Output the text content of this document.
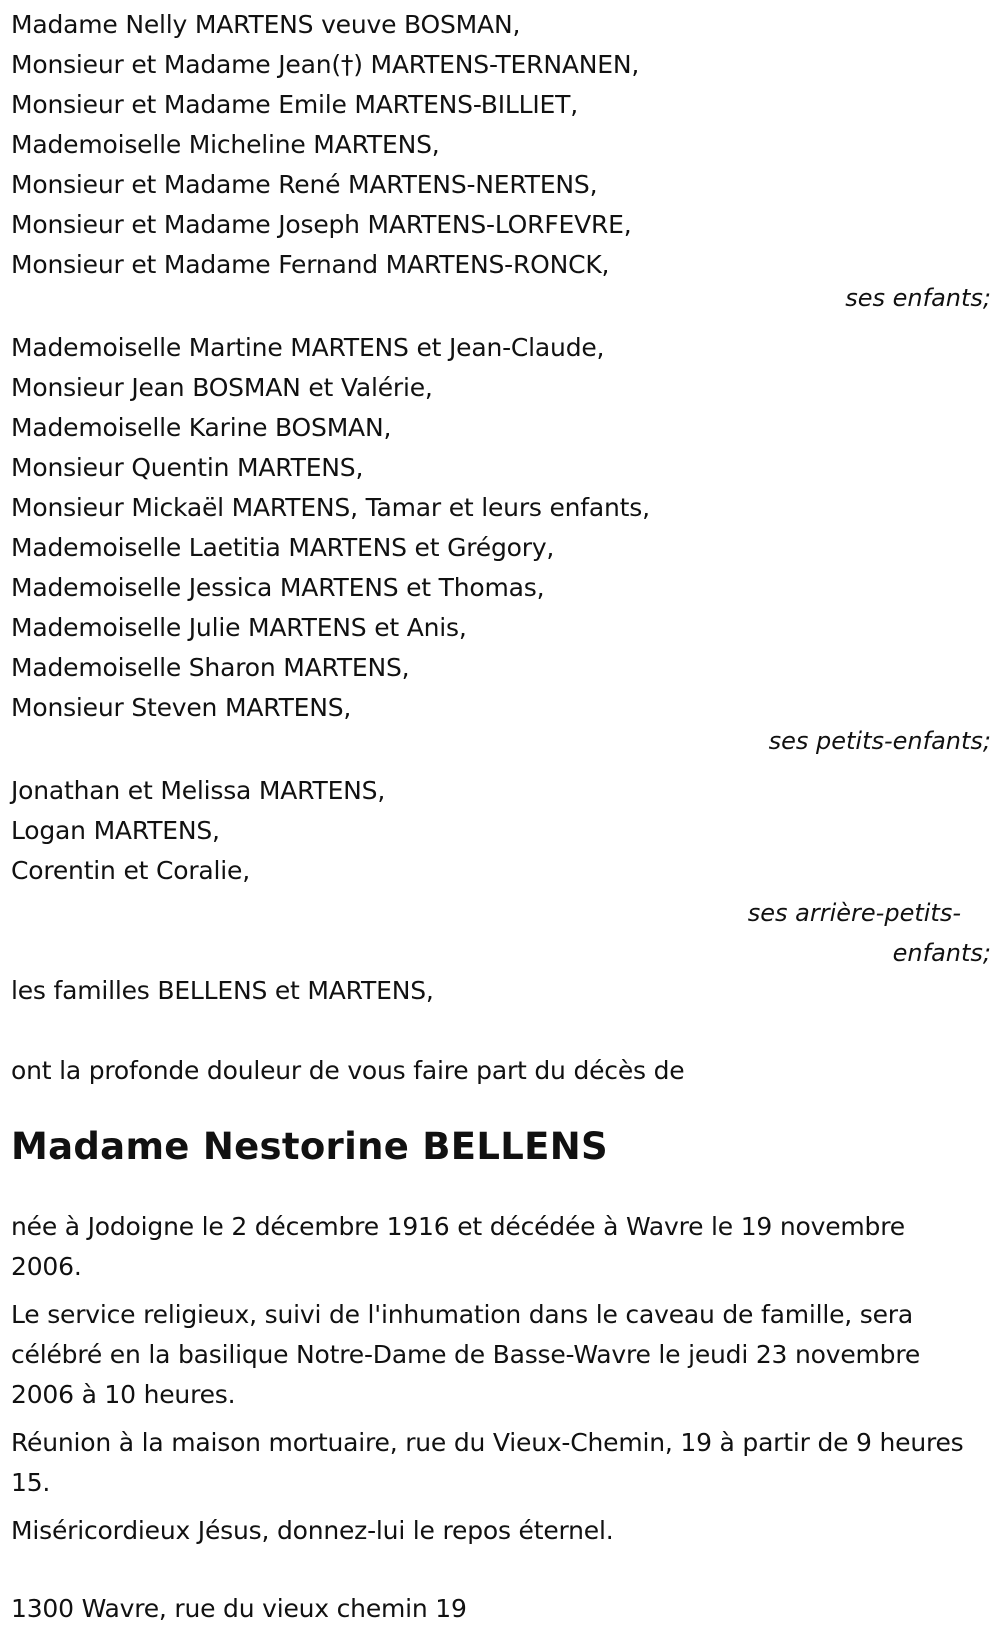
Madame Nelly MARTENS veuve BOSMAN,
Monsieur et Madame Jean(†) MARTENS-TERNANEN,
Monsieur et Madame Emile MARTENS-BILLIET,
Mademoiselle Micheline MARTENS,
Monsieur et Madame René MARTENS-NERTENS,
Monsieur et Madame Joseph MARTENS-LORFEVRE,
Monsieur et Madame Fernand MARTENS-RONCK,
ses enfants;
Mademoiselle Martine MARTENS et Jean-Claude,
Monsieur Jean BOSMAN et Valérie,
Mademoiselle Karine BOSMAN,
Monsieur Quentin MARTENS,
Monsieur Mickaël MARTENS, Tamar et leurs enfants,
Mademoiselle Laetitia MARTENS et Grégory,
Mademoiselle Jessica MARTENS et Thomas,
Mademoiselle Julie MARTENS et Anis,
Mademoiselle Sharon MARTENS,
Monsieur Steven MARTENS,
ses petits-enfants;
Jonathan et Melissa MARTENS,
Logan MARTENS,
Corentin et Coralie,
ses arrière-petits-
enfants;
les familles BELLENS et MARTENS,
ont la profonde douleur de vous faire part du décès de
Madame Nestorine BELLENS
née à Jodoigne le 2 décembre 1916 et décédée à Wavre le 19 novembre 2006.
Le service religieux, suivi de l'inhumation dans le caveau de famille, sera célébré en la basilique Notre-Dame de Basse-Wavre le jeudi 23 novembre 2006 à 10 heures.
Réunion à la maison mortuaire, rue du Vieux-Chemin, 19 à partir de 9 heures 15.
Miséricordieux Jésus, donnez-lui le repos éternel.
1300 Wavre, rue du vieux chemin 19
